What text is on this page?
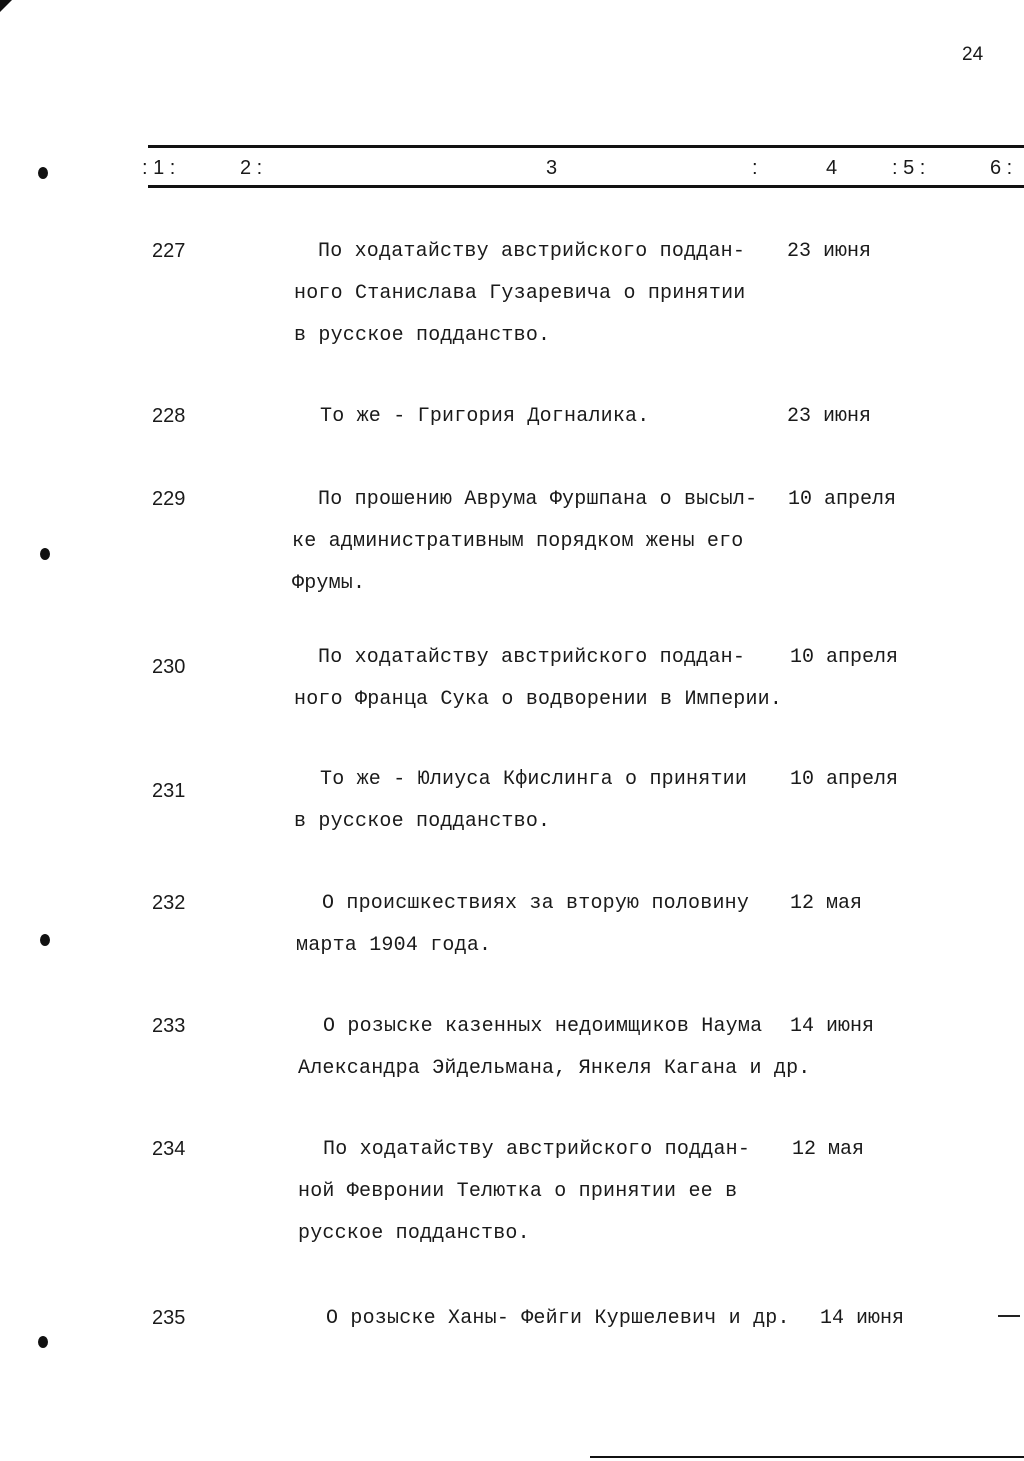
24
: 1 :	2 :	3	:	4	: 5 :	6 :
227	По ходатайству австрийского поддан-
ного Станислава Гузаревича о принятии
в русское подданство.
23 июня
228	То же - Григория Догналика.	23 июня
229	По прошению Аврума Фуршпана о высыл-
ке административным порядком жены его
Фрумы.
10 апреля
230	По ходатайству австрийского поддан-
ного Франца Сука о водворении в Империи.
10 апреля
231	То же - Юлиуса Кфислинга о принятии
в русское подданство.
10 апреля
232	О происшкествиях за вторую половину
марта 1904 года.
12 мая
233	О розыске казенных недоимщиков Наума
Александра Эйдельмана, Янкеля Кагана и др.
14 июня
234	По ходатайству австрийского поддан-
ной Февронии Телютка о принятии ее в
русское подданство.
12 мая
235	О розыске Ханы- Фейги Куршелевич и др. 14 июня
